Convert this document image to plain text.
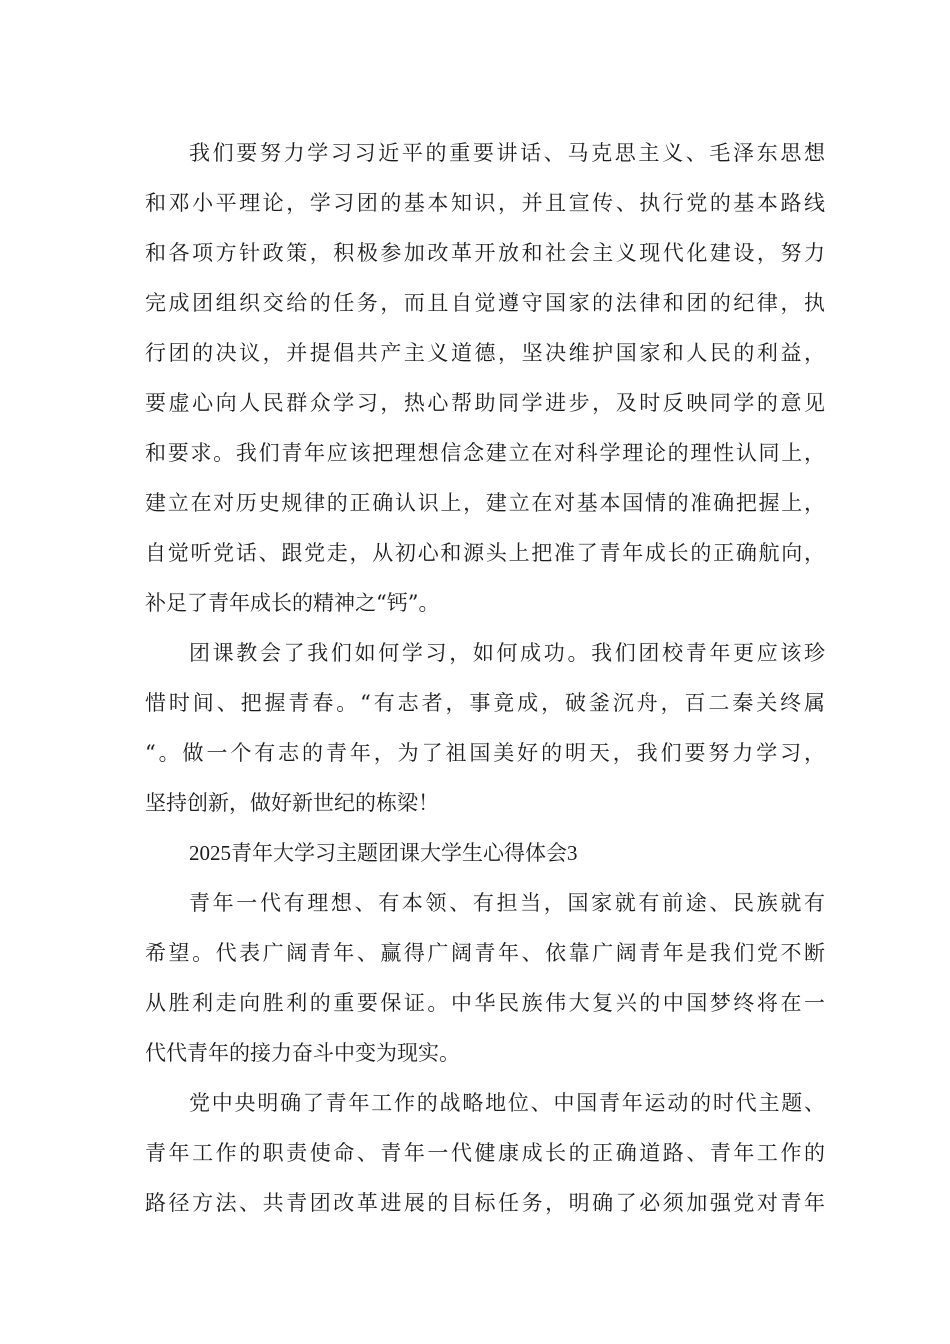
我们要努力学习习近平的重要讲话、马克思主义、毛泽东思想
和邓小平理论，学习团的基本知识，并且宣传、执行党的基本路线
和各项方针政策，积极参加改革开放和社会主义现代化建设，努力
完成团组织交给的任务，而且自觉遵守国家的法律和团的纪律，执
行团的决议，并提倡共产主义道德，坚决维护国家和人民的利益，
要虚心向人民群众学习，热心帮助同学进步，及时反映同学的意见
和要求。我们青年应该把理想信念建立在对科学理论的理性认同上，
建立在对历史规律的正确认识上，建立在对基本国情的准确把握上，
自觉听党话、跟党走，从初心和源头上把准了青年成长的正确航向，
补足了青年成长的精神之“钙”。
团课教会了我们如何学习，如何成功。我们团校青年更应该珍
惜时间、把握青春。“有志者，事竟成，破釜沉舟，百二秦关终属
“。做一个有志的青年，为了祖国美好的明天，我们要努力学习，
坚持创新，做好新世纪的栋梁！
2025青年大学习主题团课大学生心得体会3
青年一代有理想、有本领、有担当，国家就有前途、民族就有
希望。代表广阔青年、赢得广阔青年、依靠广阔青年是我们党不断
从胜利走向胜利的重要保证。中华民族伟大复兴的中国梦终将在一
代代青年的接力奋斗中变为现实。
党中央明确了青年工作的战略地位、中国青年运动的时代主题、
青年工作的职责使命、青年一代健康成长的正确道路、青年工作的
路径方法、共青团改革进展的目标任务，明确了必须加强党对青年
